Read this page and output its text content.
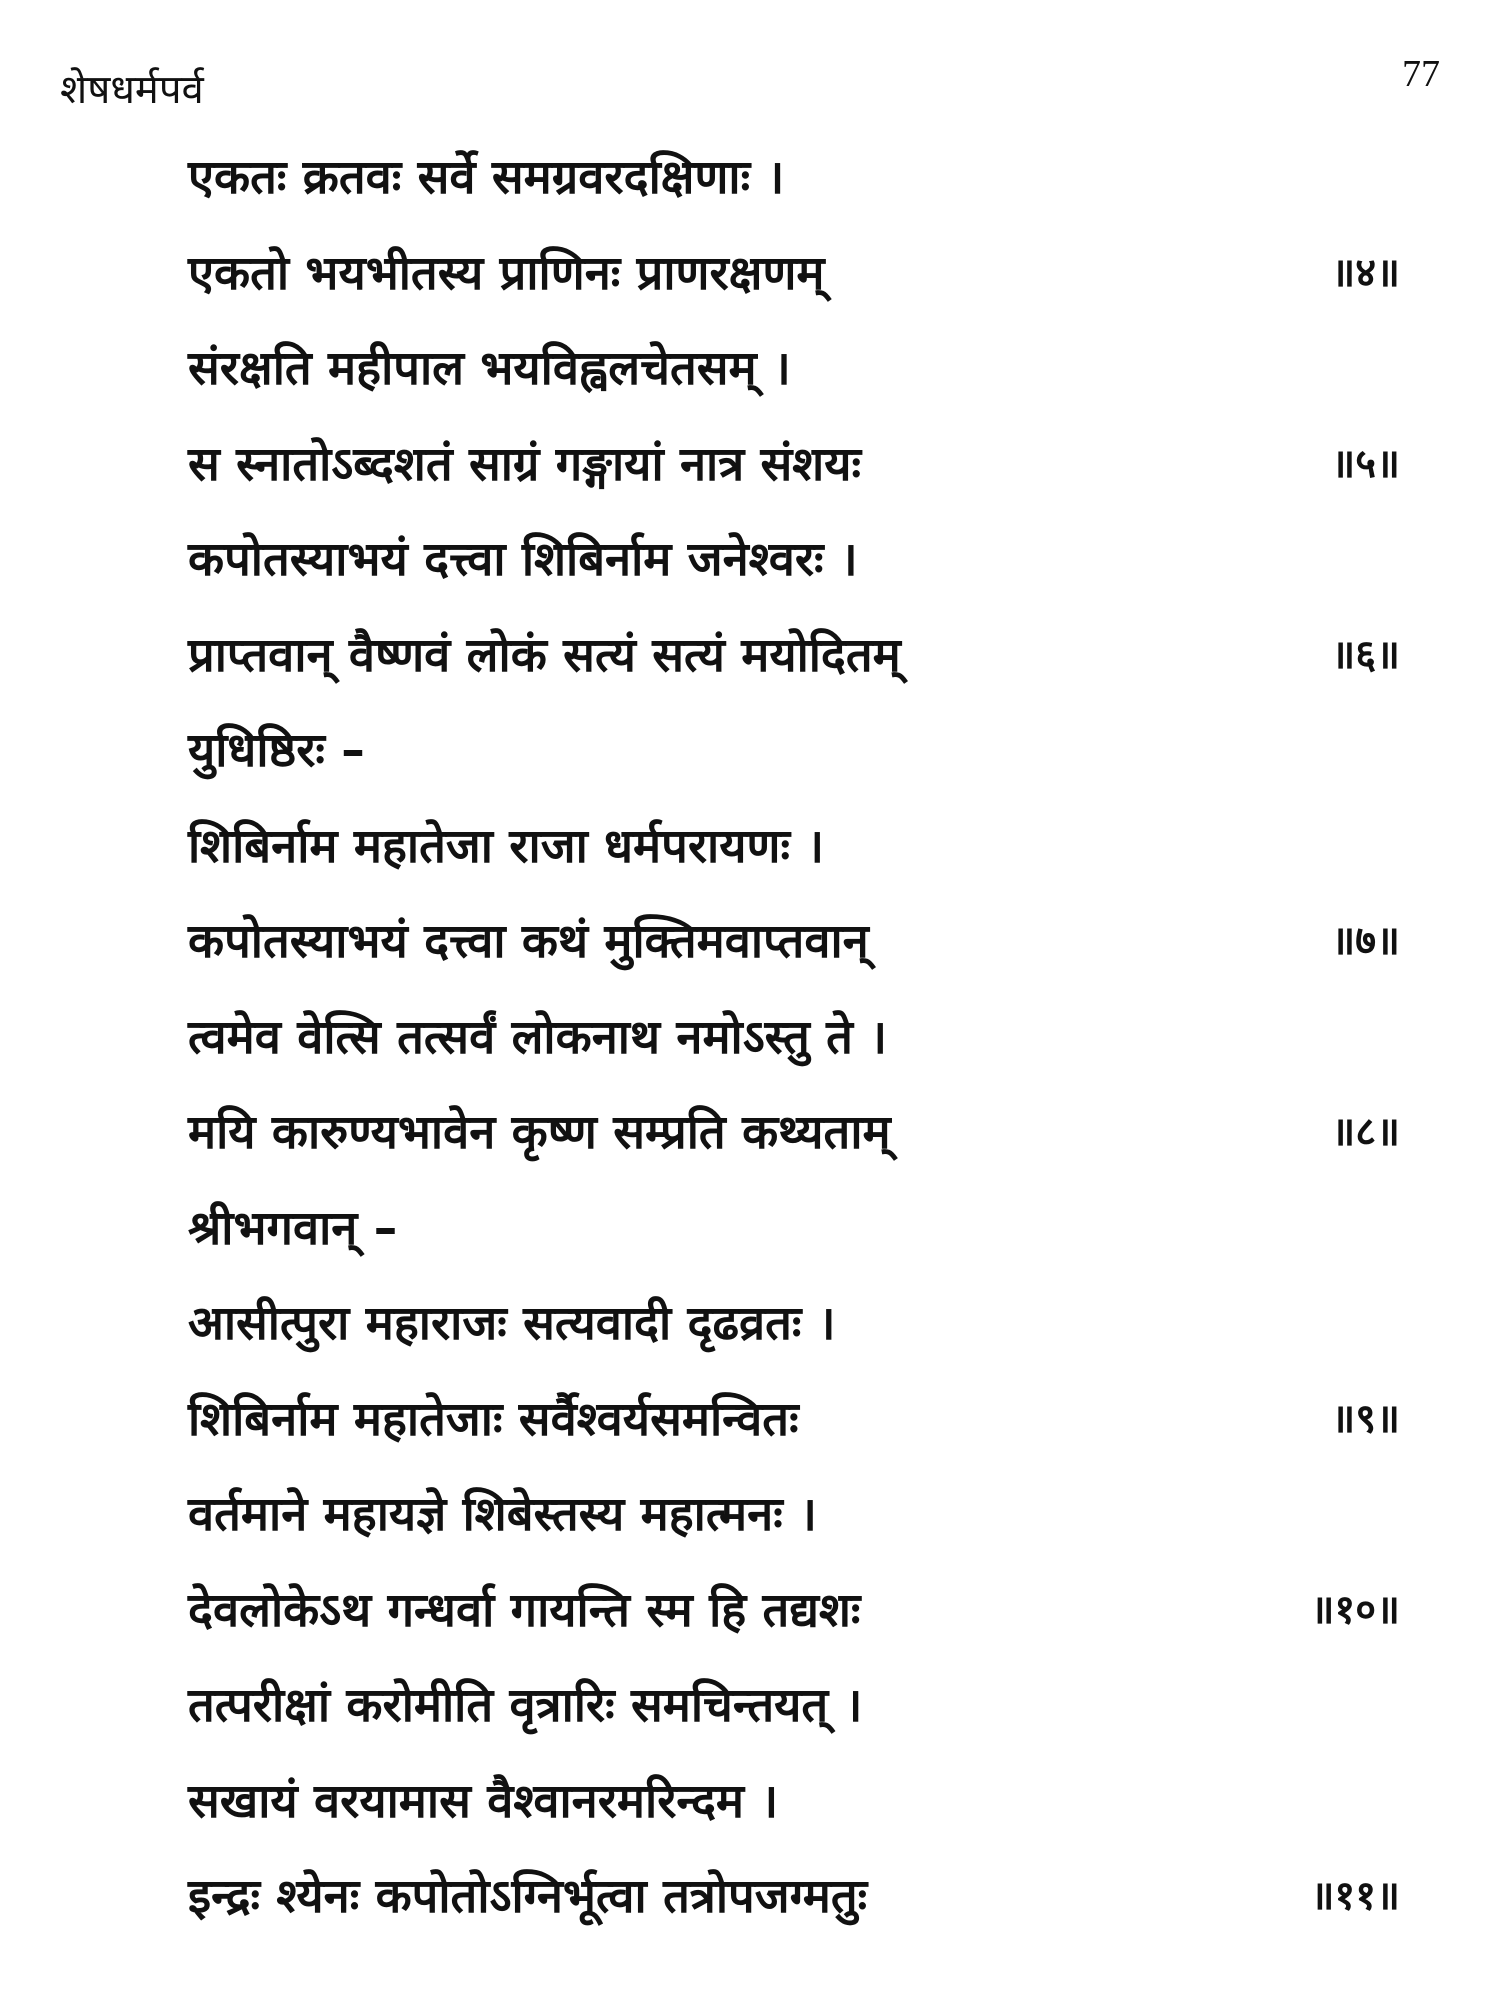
शेषधर्मपर्व	77
एकतः क्रतवः सर्वे समग्रवरदक्षिणाः ।
एकतो भयभीतस्य प्राणिनः प्राणरक्षणम्	॥४॥
संरक्षति महीपाल भयविह्वलचेतसम् ।
स स्नातोऽब्दशतं साग्रं गङ्गायां नात्र संशयः	॥५॥
कपोतस्याभयं दत्त्वा शिबिर्नाम जनेश्वरः ।
प्राप्तवान् वैष्णवं लोकं सत्यं सत्यं मयोदितम्	॥६॥
युधिष्ठिरः –
शिबिर्नाम महातेजा राजा धर्मपरायणः ।
कपोतस्याभयं दत्त्वा कथं मुक्तिमवाप्तवान्	॥७॥
त्वमेव वेत्सि तत्सर्वं लोकनाथ नमोऽस्तु ते ।
मयि कारुण्यभावेन कृष्ण सम्प्रति कथ्यताम्	॥८॥
श्रीभगवान् –
आसीत्पुरा महाराजः सत्यवादी दृढव्रतः ।
शिबिर्नाम महातेजाः सर्वैश्वर्यसमन्वितः	॥९॥
वर्तमाने महायज्ञे शिबेस्तस्य महात्मनः ।
देवलोकेऽथ गन्धर्वा गायन्ति स्म हि तद्यशः	॥१०॥
तत्परीक्षां करोमीति वृत्रारिः समचिन्तयत् ।
सखायं वरयामास वैश्वानरमरिन्दम ।
इन्द्रः श्येनः कपोतोऽग्निर्भूत्वा तत्रोपजग्मतुः	॥११॥
